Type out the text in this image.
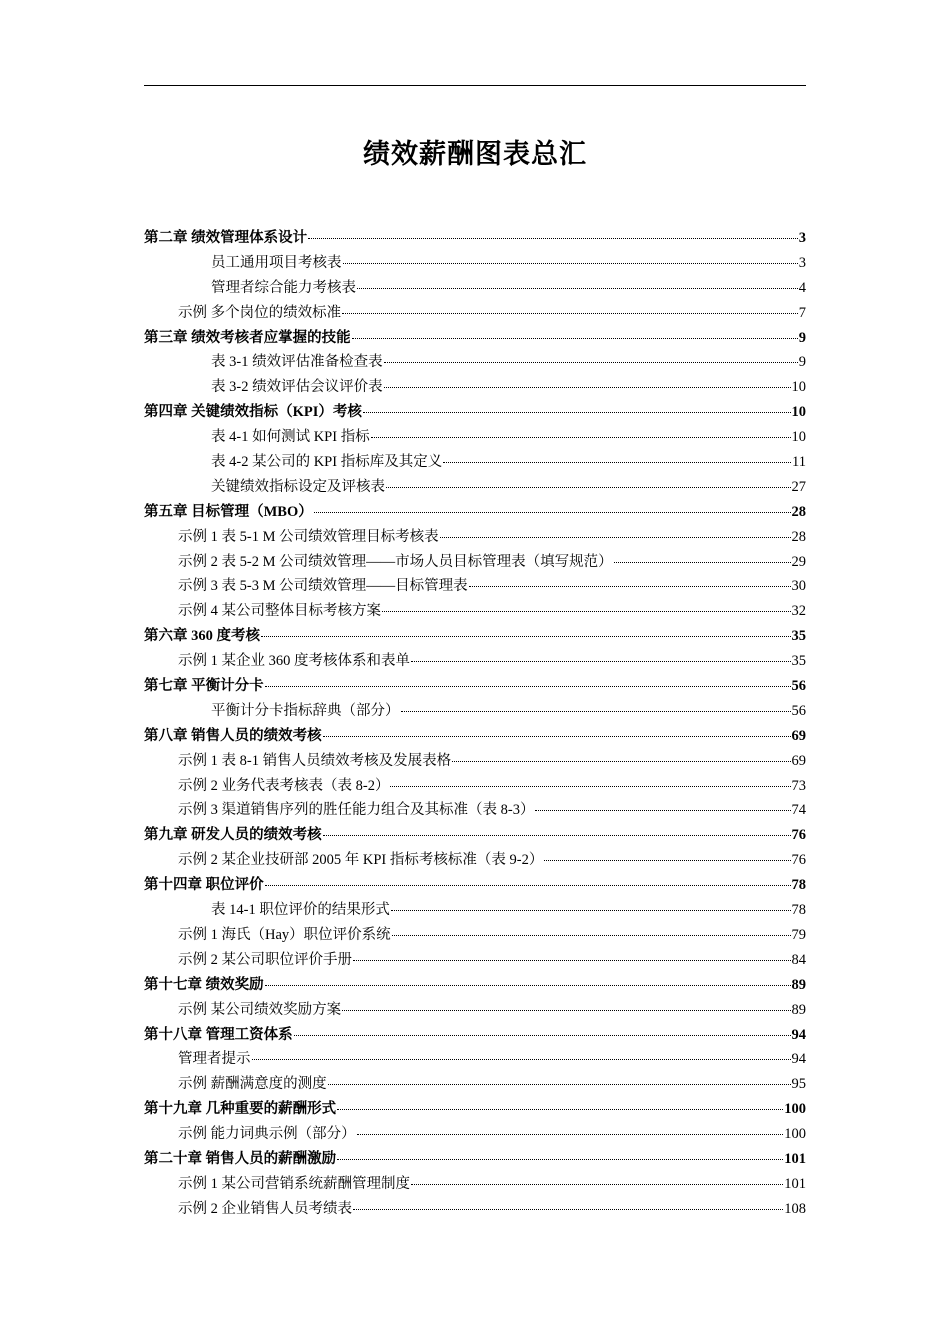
绩效薪酬图表总汇
第二章 绩效管理体系设计	3
员工通用项目考核表	3
管理者综合能力考核表	4
示例 多个岗位的绩效标准	7
第三章 绩效考核者应掌握的技能	9
表 3-1 绩效评估准备检查表	9
表 3-2 绩效评估会议评价表	10
第四章 关键绩效指标（KPI）考核	10
表 4-1 如何测试 KPI 指标	10
表 4-2 某公司的 KPI 指标库及其定义	11
关键绩效指标设定及评核表	27
第五章 目标管理（MBO）	28
示例 1 表 5-1 M 公司绩效管理目标考核表	28
示例 2 表 5-2 M 公司绩效管理——市场人员目标管理表（填写规范）	29
示例 3 表 5-3 M 公司绩效管理——目标管理表	30
示例 4 某公司整体目标考核方案	32
第六章 360 度考核	35
示例 1 某企业 360 度考核体系和表单	35
第七章 平衡计分卡	56
平衡计分卡指标辞典（部分）	56
第八章 销售人员的绩效考核	69
示例 1 表 8-1 销售人员绩效考核及发展表格	69
示例 2 业务代表考核表（表 8-2）	73
示例 3 渠道销售序列的胜任能力组合及其标准（表 8-3）	74
第九章 研发人员的绩效考核	76
示例 2 某企业技研部 2005 年 KPI 指标考核标准（表 9-2）	76
第十四章 职位评价	78
表 14-1 职位评价的结果形式	78
示例 1 海氏（Hay）职位评价系统	79
示例 2 某公司职位评价手册	84
第十七章 绩效奖励	89
示例 某公司绩效奖励方案	89
第十八章 管理工资体系	94
管理者提示	94
示例 薪酬满意度的测度	95
第十九章 几种重要的薪酬形式	100
示例 能力词典示例（部分）	100
第二十章 销售人员的薪酬激励	101
示例 1 某公司营销系统薪酬管理制度	101
示例 2 企业销售人员考绩表	108
